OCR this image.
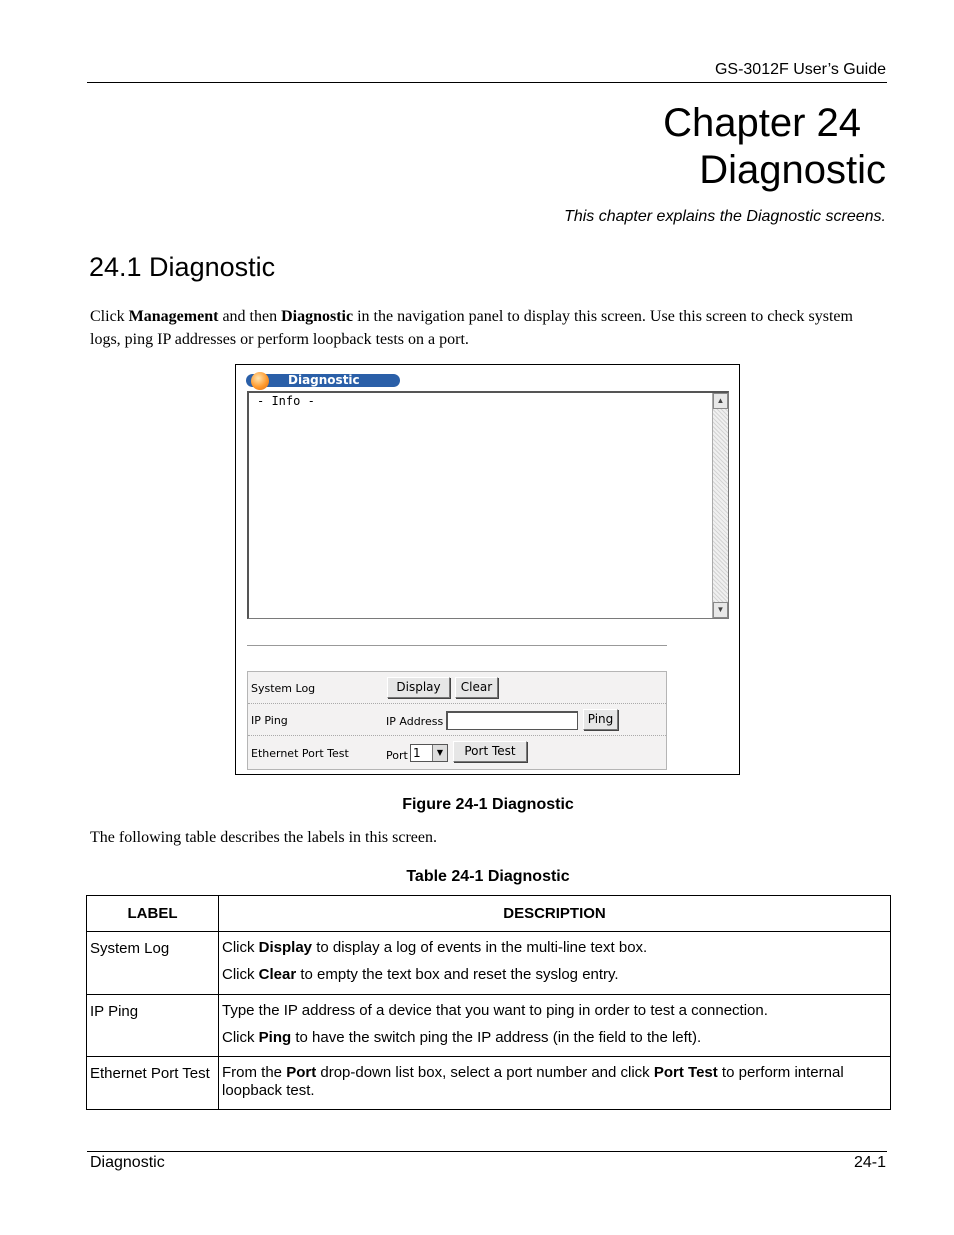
GS-3012F User’s Guide
Chapter 24
Diagnostic
This chapter explains the Diagnostic screens.
24.1 Diagnostic
Click Management and then Diagnostic in the navigation panel to display this screen. Use this screen to check system logs, ping IP addresses or perform loopback tests on a port.
Diagnostic
- Info -	▲
▼
System Log	Display	Clear
IP Ping	IP Address	Ping
Ethernet Port Test	Port 1	▼	Port Test
Figure 24-1 Diagnostic
The following table describes the labels in this screen.
Table 24-1 Diagnostic
LABEL	DESCRIPTION
System Log	Click Display to display a log of events in the multi-line text box.

Click Clear to empty the text box and reset the syslog entry.

IP Ping	Type the IP address of a device that you want to ping in order to test a connection.

Click Ping to have the switch ping the IP address (in the field to the left).

Ethernet Port Test	From the Port drop-down list box, select a port number and click Port Test to perform internal loopback test.

Diagnostic	24-1
